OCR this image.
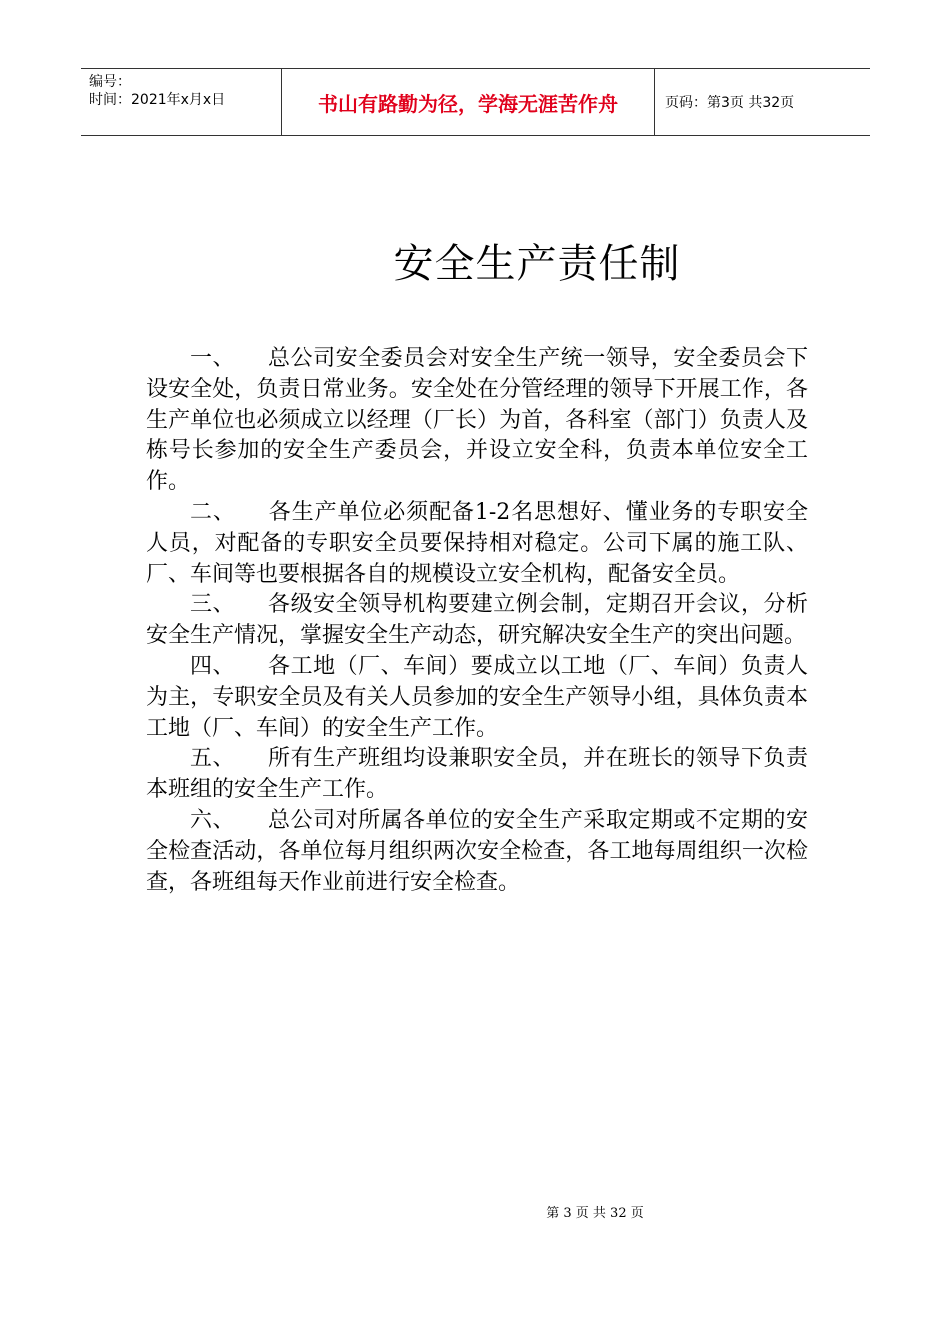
编号：
时间：2021年x月x日	书山有路勤为径，学海无涯苦作舟	页码：第3页 共32页
安全生产责任制

一、 总公司安全委员会对安全生产统一领导，安全委员会下设安全处，负责日常业务。安全处在分管经理的领导下开展工作，各生产单位也必须成立以经理（厂长）为首，各科室（部门）负责人及栋号长参加的安全生产委员会，并设立安全科，负责本单位安全工作。

二、 各生产单位必须配备1-2名思想好、懂业务的专职安全人员，对配备的专职安全员要保持相对稳定。公司下属的施工队、厂、车间等也要根据各自的规模设立安全机构，配备安全员。

三、 各级安全领导机构要建立例会制，定期召开会议，分析安全生产情况，掌握安全生产动态，研究解决安全生产的突出问题。

四、 各工地（厂、车间）要成立以工地（厂、车间）负责人为主，专职安全员及有关人员参加的安全生产领导小组，具体负责本工地（厂、车间）的安全生产工作。

五、 所有生产班组均设兼职安全员，并在班长的领导下负责本班组的安全生产工作。

六、 总公司对所属各单位的安全生产采取定期或不定期的安全检查活动，各单位每月组织两次安全检查，各工地每周组织一次检查，各班组每天作业前进行安全检查。

第 3 页 共 32 页
